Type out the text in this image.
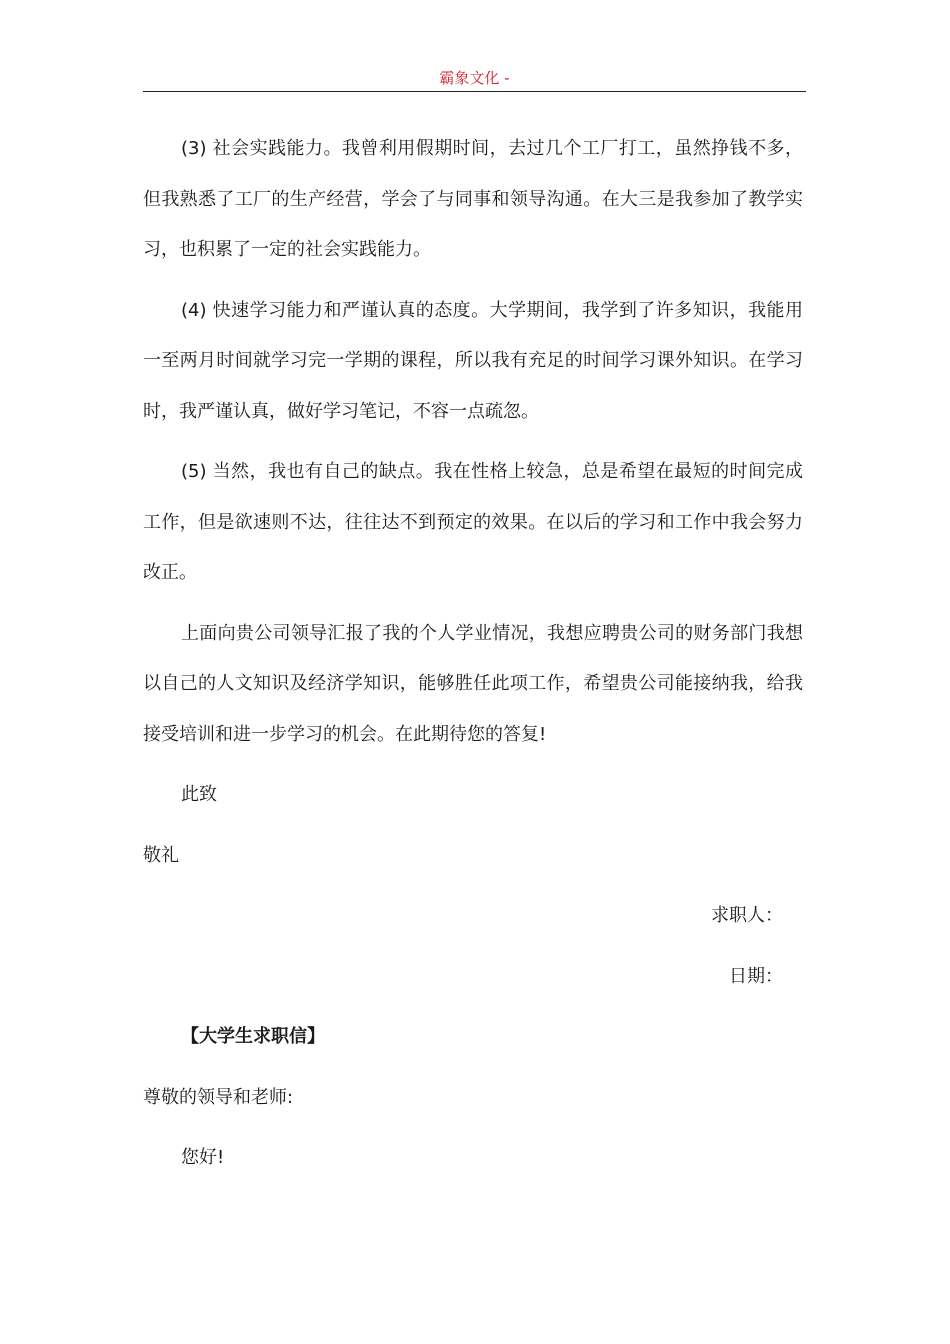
霸象文化 -

(3) 社会实践能力。我曾利用假期时间，去过几个工厂打工，虽然挣钱不多，但我熟悉了工厂的生产经营，学会了与同事和领导沟通。在大三是我参加了教学实习，也积累了一定的社会实践能力。

(4) 快速学习能力和严谨认真的态度。大学期间，我学到了许多知识，我能用一至两月时间就学习完一学期的课程，所以我有充足的时间学习课外知识。在学习时，我严谨认真，做好学习笔记，不容一点疏忽。

(5) 当然，我也有自己的缺点。我在性格上较急，总是希望在最短的时间完成工作，但是欲速则不达，往往达不到预定的效果。在以后的学习和工作中我会努力改正。

上面向贵公司领导汇报了我的个人学业情况，我想应聘贵公司的财务部门我想以自己的人文知识及经济学知识，能够胜任此项工作，希望贵公司能接纳我，给我接受培训和进一步学习的机会。在此期待您的答复!

此致

敬礼

求职人：

日期：

【大学生求职信】

尊敬的领导和老师:

您好!
